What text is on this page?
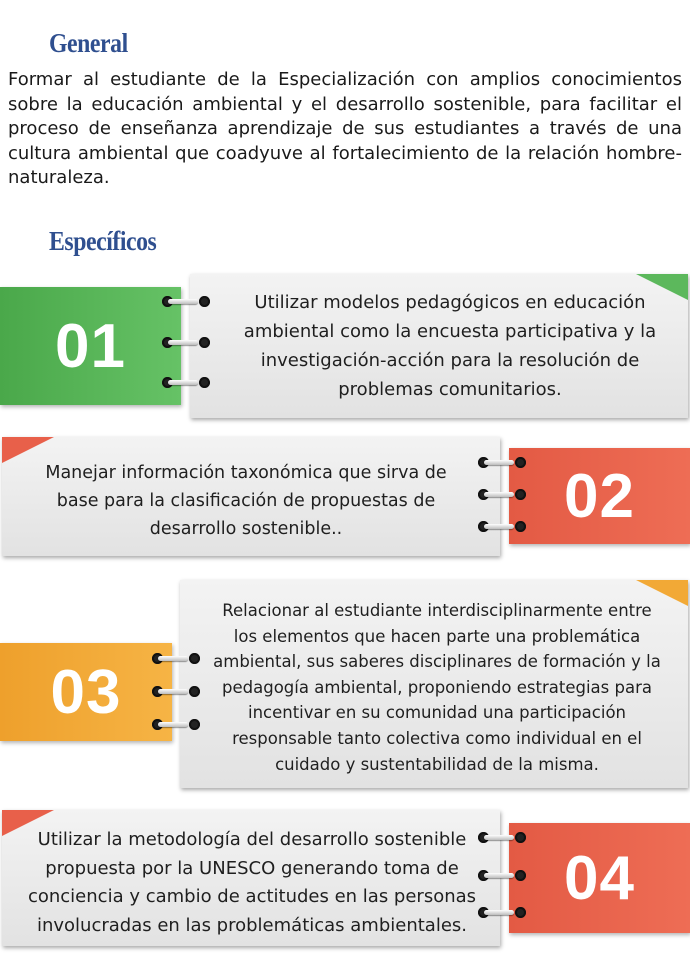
General

Formar al estudiante de la Especialización con amplios conocimientos sobre la educación ambiental y el desarrollo sostenible, para facilitar el proceso de enseñanza aprendizaje de sus estudiantes a través de una cultura ambiental que coadyuve al fortalecimiento de la relación hombre-naturaleza.

Específicos
Utilizar modelos pedagógicos en educación
ambiental como la encuesta participativa y la
investigación-acción para la resolución de
problemas comunitarios.
01
Manejar información taxonómica que sirva de
base para la clasificación de propuestas de
desarrollo sostenible..	02
Relacionar al estudiante interdisciplinarmente entre
los elementos que hacen parte una problemática
ambiental, sus saberes disciplinares de formación y la
pedagogía ambiental, proponiendo estrategias para
incentivar en su comunidad una participación
responsable tanto colectiva como individual en el
cuidado y sustentabilidad de la misma.
03
Utilizar la metodología del desarrollo sostenible
propuesta por la UNESCO generando toma de
conciencia y cambio de actitudes en las personas
involucradas en las problemáticas ambientales.
04
